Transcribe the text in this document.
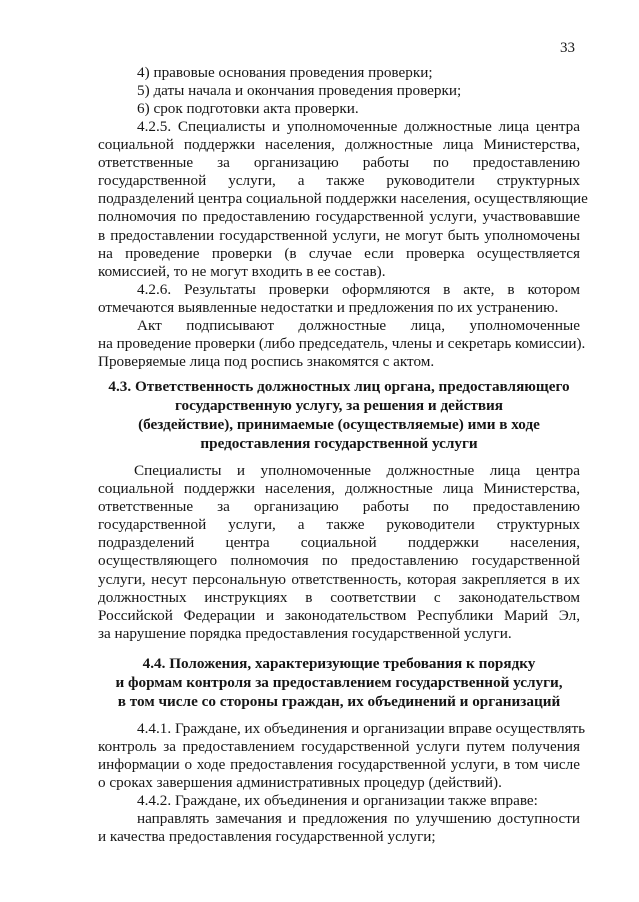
33
4) правовые основания проведения проверки;
5) даты начала и окончания проведения проверки;
6) срок подготовки акта проверки.
4.2.5. Специалисты и уполномоченные должностные лица центра
социальной поддержки населения, должностные лица Министерства,
ответственные за организацию работы по предоставлению
государственной услуги, а также руководители структурных
подразделений центра социальной поддержки населения, осуществляющие
полномочия по предоставлению государственной услуги, участвовавшие
в предоставлении государственной услуги, не могут быть уполномочены
на проведение проверки (в случае если проверка осуществляется
комиссией, то не могут входить в ее состав).
4.2.6. Результаты проверки оформляются в акте, в котором
отмечаются выявленные недостатки и предложения по их устранению.
Акт подписывают должностные лица, уполномоченные
на проведение проверки (либо председатель, члены и секретарь комиссии).
Проверяемые лица под роспись знакомятся с актом.
4.3. Ответственность должностных лиц органа, предоставляющего
государственную услугу, за решения и действия
(бездействие), принимаемые (осуществляемые) ими в ходе
предоставления государственной услуги
Специалисты и уполномоченные должностные лица центра
социальной поддержки населения, должностные лица Министерства,
ответственные за организацию работы по предоставлению
государственной услуги, а также руководители структурных
подразделений центра социальной поддержки населения,
осуществляющего полномочия по предоставлению государственной
услуги, несут персональную ответственность, которая закрепляется в их
должностных инструкциях в соответствии с законодательством
Российской Федерации и законодательством Республики Марий Эл,
за нарушение порядка предоставления государственной услуги.
4.4. Положения, характеризующие требования к порядку
и формам контроля за предоставлением государственной услуги,
в том числе со стороны граждан, их объединений и организаций
4.4.1. Граждане, их объединения и организации вправе осуществлять
контроль за предоставлением государственной услуги путем получения
информации о ходе предоставления государственной услуги, в том числе
о сроках завершения административных процедур (действий).
4.4.2. Граждане, их объединения и организации также вправе:
направлять замечания и предложения по улучшению доступности
и качества предоставления государственной услуги;
